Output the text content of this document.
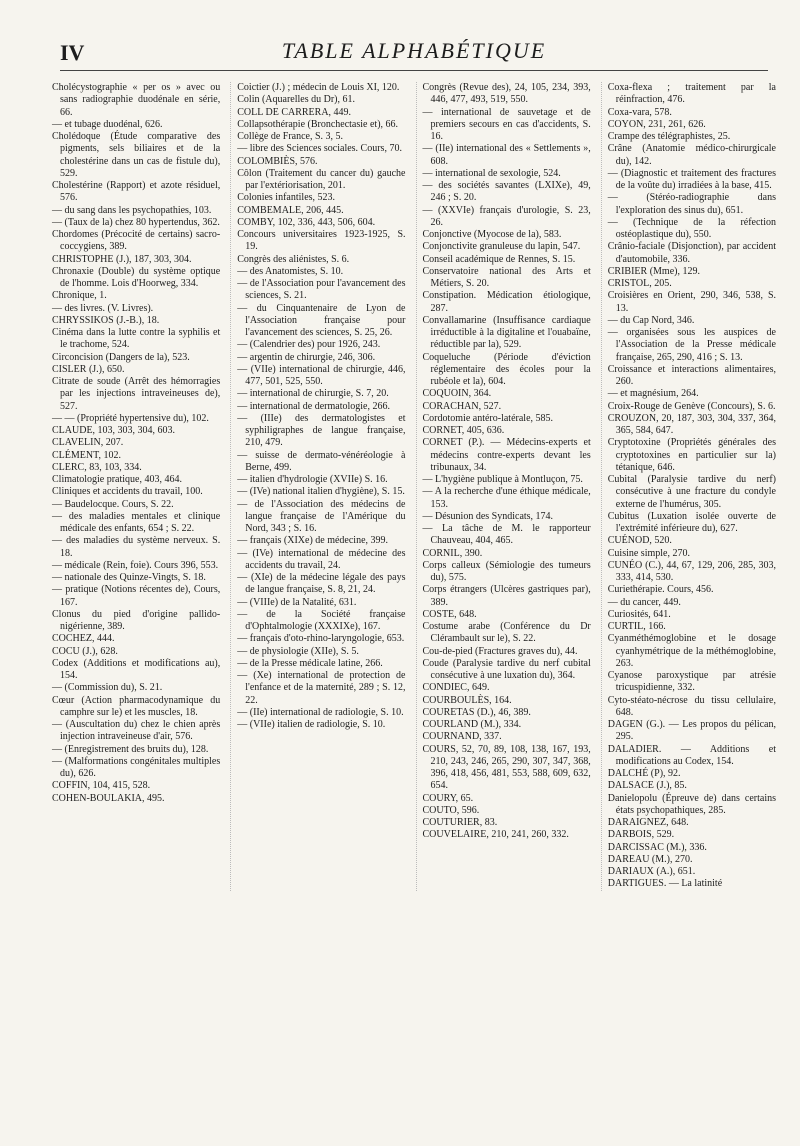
IV	TABLE ALPHABÉTIQUE

Cholécystographie « per os » avec ou sans radiographie duodénale en série, 66.

— et tubage duodénal, 626.

Cholédoque (Étude comparative des pigments, sels biliaires et de la cholestérine dans un cas de fistule du), 529.

Cholestérine (Rapport) et azote résiduel, 576.

— du sang dans les psychopathies, 103.

— (Taux de la) chez 80 hypertendus, 362.

Chordomes (Précocité de certains) sacro-coccygiens, 389.

CHRISTOPHE (J.), 187, 303, 304.

Chronaxie (Double) du système optique de l'homme. Lois d'Hoorweg, 334.

Chronique, 1.

— des livres. (V. Livres).

CHRYSSIKOS (J.-B.), 18.

Cinéma dans la lutte contre la syphilis et le trachome, 524.

Circoncision (Dangers de la), 523.

CISLER (J.), 650.

Citrate de soude (Arrêt des hémorragies par les injections intraveineuses de), 527.

— — (Propriété hypertensive du), 102.

CLAUDE, 103, 303, 304, 603.

CLAVELIN, 207.

CLÉMENT, 102.

CLERC, 83, 103, 334.

Climatologie pratique, 403, 464.

Cliniques et accidents du travail, 100.

— Baudelocque. Cours, S. 22.

— des maladies mentales et clinique médicale des enfants, 654 ; S. 22.

— des maladies du système nerveux. S. 18.

— médicale (Rein, foie). Cours 396, 553.

— nationale des Quinze-Vingts, S. 18.

— pratique (Notions récentes de), Cours, 167.

Clonus du pied d'origine pallido-nigérienne, 389.

COCHEZ, 444.

COCU (J.), 628.

Codex (Additions et modifications au), 154.

— (Commission du), S. 21.

Cœur (Action pharmacodynamique du camphre sur le) et les muscles, 18.

— (Auscultation du) chez le chien après injection intraveineuse d'air, 576.

— (Enregistrement des bruits du), 128.

— (Malformations congénitales multiples du), 626.

COFFIN, 104, 415, 528.

COHEN-BOULAKIA, 495.

Coictier (J.) ; médecin de Louis XI, 120.

Colin (Aquarelles du Dr), 61.

COLL DE CARRERA, 449.

Collapsothérapie (Bronchectasie et), 66.

Collège de France, S. 3, 5.

— libre des Sciences sociales. Cours, 70.

COLOMBIÈS, 576.

Côlon (Traitement du cancer du) gauche par l'extériorisation, 201.

Colonies infantiles, 523.

COMBEMALE, 206, 445.

COMBY, 102, 336, 443, 506, 604.

Concours universitaires 1923-1925, S. 19.

Congrès des aliénistes, S. 6.

— des Anatomistes, S. 10.

— de l'Association pour l'avancement des sciences, S. 21.

— du Cinquantenaire de Lyon de l'Association française pour l'avancement des sciences, S. 25, 26.

— (Calendrier des) pour 1926, 243.

— argentin de chirurgie, 246, 306.

— (VIIe) international de chirurgie, 446, 477, 501, 525, 550.

— international de chirurgie, S. 7, 20.

— international de dermatologie, 266.

— (IIIe) des dermatologistes et syphiligraphes de langue française, 210, 479.

— suisse de dermato-vénéréologie à Berne, 499.

— italien d'hydrologie (XVIIe) S. 16.

— (IVe) national italien d'hygiène), S. 15.

— de l'Association des médecins de langue française de l'Amérique du Nord, 343 ; S. 16.

— français (XIXe) de médecine, 399.

— (IVe) international de médecine des accidents du travail, 24.

— (XIe) de la médecine légale des pays de langue française, S. 8, 21, 24.

— (VIIIe) de la Natalité, 631.

— de la Société française d'Ophtalmologie (XXXIXe), 167.

— français d'oto-rhino-laryngologie, 653.

— de physiologie (XIIe), S. 5.

— de la Presse médicale latine, 266.

— (Xe) international de protection de l'enfance et de la maternité, 289 ; S. 12, 22.

— (IIe) international de radiologie, S. 10.

— (VIIe) italien de radiologie, S. 10.

Congrès (Revue des), 24, 105, 234, 393, 446, 477, 493, 519, 550.

— international de sauvetage et de premiers secours en cas d'accidents, S. 16.

— (IIe) international des « Settlements », 608.

— international de sexologie, 524.

— des sociétés savantes (LXIXe), 49, 246 ; S. 20.

— (XXVIe) français d'urologie, S. 23, 26.

Conjonctive (Myocose de la), 583.

Conjonctivite granuleuse du lapin, 547.

Conseil académique de Rennes, S. 15.

Conservatoire national des Arts et Métiers, S. 20.

Constipation. Médication étiologique, 287.

Convallamarine (Insuffisance cardiaque irréductible à la digitaline et l'ouabaïne, réductible par la), 529.

Coqueluche (Période d'éviction réglementaire des écoles pour la rubéole et la), 604.

COQUOIN, 364.

CORACHAN, 527.

Cordotomie antéro-latérale, 585.

CORNET, 405, 636.

CORNET (P.). — Médecins-experts et médecins contre-experts devant les tribunaux, 34.

— L'hygiène publique à Montluçon, 75.

— A la recherche d'une éthique médicale, 153.

— Désunion des Syndicats, 174.

— La tâche de M. le rapporteur Chauveau, 404, 465.

CORNIL, 390.

Corps calleux (Sémiologie des tumeurs du), 575.

Corps étrangers (Ulcères gastriques par), 389.

COSTE, 648.

Costume arabe (Conférence du Dr Clérambault sur le), S. 22.

Cou-de-pied (Fractures graves du), 44.

Coude (Paralysie tardive du nerf cubital consécutive à une luxation du), 364.

CONDIEC, 649.

COURBOULÈS, 164.

COURETAS (D.), 46, 389.

COURLAND (M.), 334.

COURNAND, 337.

COURS, 52, 70, 89, 108, 138, 167, 193, 210, 243, 246, 265, 290, 307, 347, 368, 396, 418, 456, 481, 553, 588, 609, 632, 654.

COURY, 65.

COUTO, 596.

COUTURIER, 83.

COUVELAIRE, 210, 241, 260, 332.

Coxa-flexa ; traitement par la réinfraction, 476.

Coxa-vara, 578.

COYON, 231, 261, 626.

Crampe des télégraphistes, 25.

Crâne (Anatomie médico-chirurgicale du), 142.

— (Diagnostic et traitement des fractures de la voûte du) irradiées à la base, 415.

— (Stéréo-radiographie dans l'exploration des sinus du), 651.

— (Technique de la réfection ostéoplastique du), 550.

Crânio-faciale (Disjonction), par accident d'automobile, 336.

CRIBIER (Mme), 129.

CRISTOL, 205.

Croisières en Orient, 290, 346, 538, S. 13.

— du Cap Nord, 346.

— organisées sous les auspices de l'Association de la Presse médicale française, 265, 290, 416 ; S. 13.

Croissance et interactions alimentaires, 260.

— et magnésium, 264.

Croix-Rouge de Genève (Concours), S. 6.

CROUZON, 20, 187, 303, 304, 337, 364, 365, 584, 647.

Cryptotoxine (Propriétés générales des cryptotoxines en particulier sur la) tétanique, 646.

Cubital (Paralysie tardive du nerf) consécutive à une fracture du condyle externe de l'humérus, 305.

Cubitus (Luxation isolée ouverte de l'extrémité inférieure du), 627.

CUÉNOD, 520.

Cuisine simple, 270.

CUNÉO (C.), 44, 67, 129, 206, 285, 303, 333, 414, 530.

Curiethérapie. Cours, 456.

— du cancer, 449.

Curiosités, 641.

CURTIL, 166.

Cyanméthémoglobine et le dosage cyanhymétrique de la méthémoglobine, 263.

Cyanose paroxystique par atrésie tricuspidienne, 332.

Cyto-stéato-nécrose du tissu cellulaire, 648.

DAGEN (G.). — Les propos du pélican, 295.

DALADIER. — Additions et modifications au Codex, 154.

DALCHÉ (P), 92.

DALSACE (J.), 85.

Danielopolu (Épreuve de) dans certains états psychopathiques, 285.

DARAIGNEZ, 648.

DARBOIS, 529.

DARCISSAC (M.), 336.

DAREAU (M.), 270.

DARIAUX (A.), 651.

DARTIGUES. — La latinité
